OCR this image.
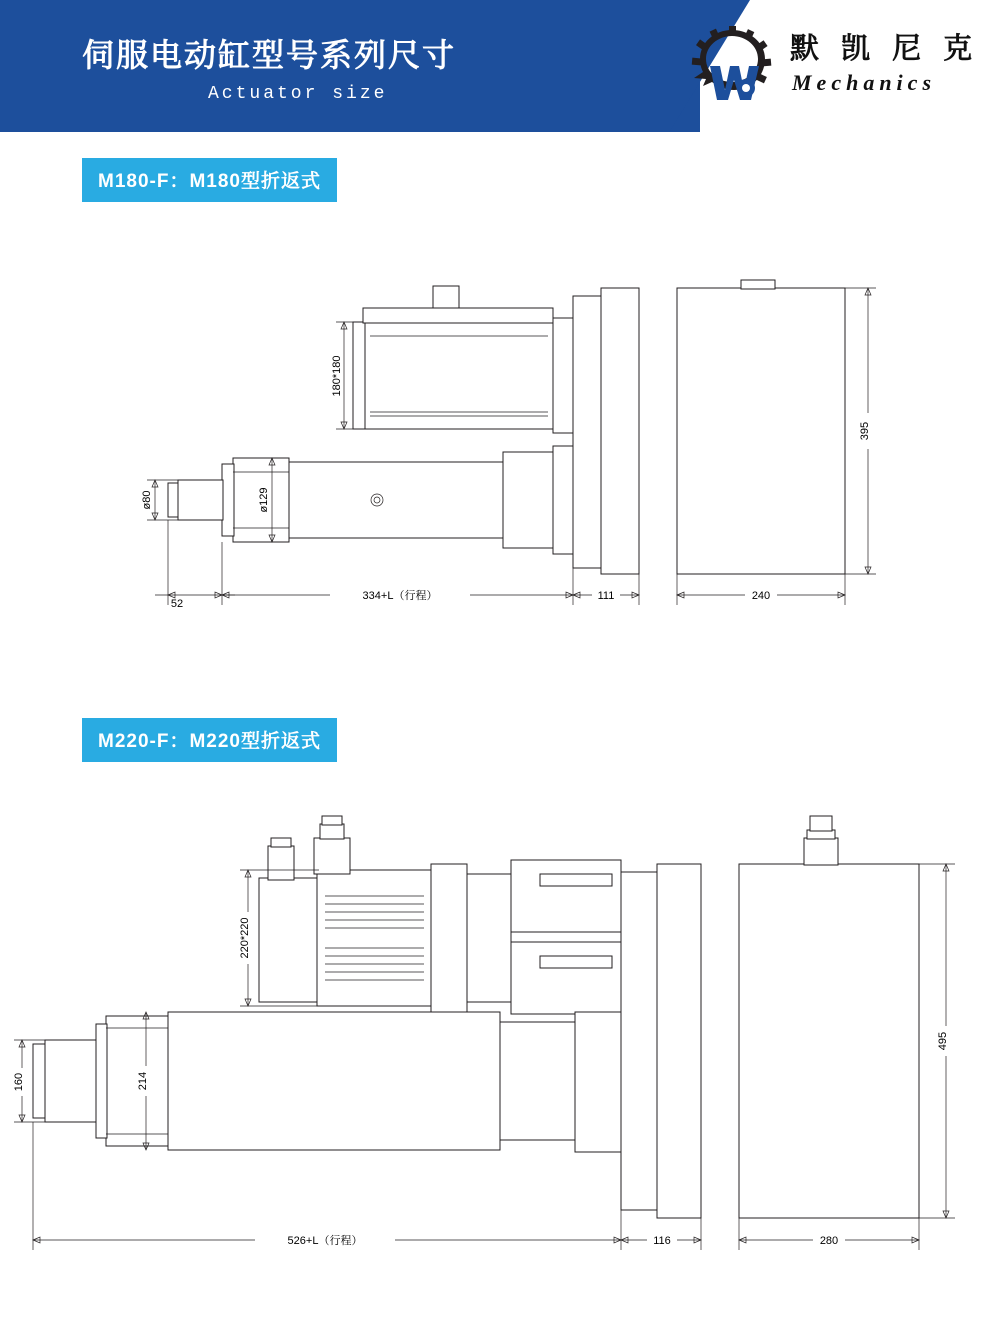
伺服电动缸型号系列尺寸
Actuator size
默 凯 尼 克
Mechanics
M180-F：M180型折返式
180*180
ø80	ø129
52
334+L（行程）	111
395
240
M220-F：M220型折返式
220*220
160	214
526+L（行程）	116
495
280
